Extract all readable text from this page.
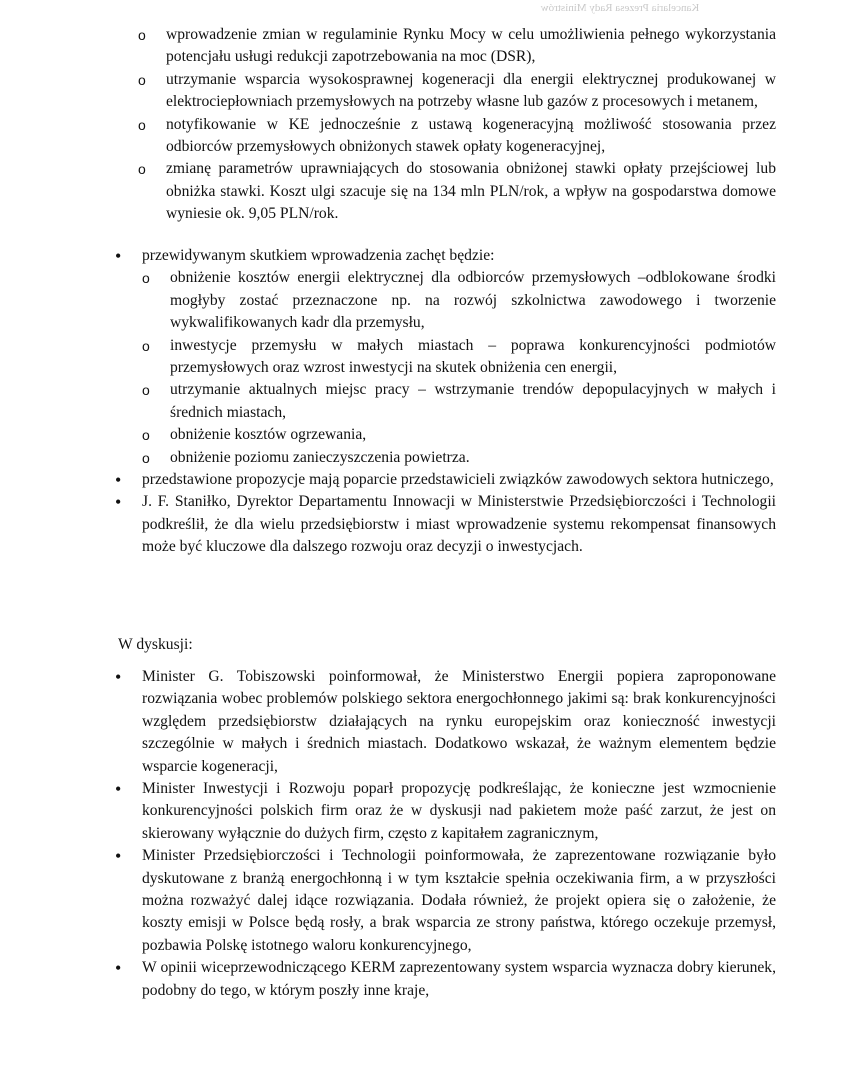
Kancelaria Prezesa Rady Ministrów
o wprowadzenie zmian w regulaminie Rynku Mocy w celu umożliwienia pełnego wykorzystania potencjału usługi redukcji zapotrzebowania na moc (DSR),
o utrzymanie wsparcia wysokosprawnej kogeneracji dla energii elektrycznej produkowanej w elektrociepłowniach przemysłowych na potrzeby własne lub gazów z procesowych i metanem,
o notyfikowanie w KE jednocześnie z ustawą kogeneracyjną możliwość stosowania przez odbiorców przemysłowych obniżonych stawek opłaty kogeneracyjnej,
o zmianę parametrów uprawniających do stosowania obniżonej stawki opłaty przejściowej lub obniżka stawki. Koszt ulgi szacuje się na 134 mln PLN/rok, a wpływ na gospodarstwa domowe wyniesie ok. 9,05 PLN/rok.

• przewidywanym skutkiem wprowadzenia zachęt będzie:

o obniżenie kosztów energii elektrycznej dla odbiorców przemysłowych –odblokowane środki mogłyby zostać przeznaczone np. na rozwój szkolnictwa zawodowego i tworzenie wykwalifikowanych kadr dla przemysłu,
o inwestycje przemysłu w małych miastach – poprawa konkurencyjności podmiotów przemysłowych oraz wzrost inwestycji na skutek obniżenia cen energii,
o utrzymanie aktualnych miejsc pracy – wstrzymanie trendów depopulacyjnych w małych i średnich miastach,
o obniżenie kosztów ogrzewania,
o obniżenie poziomu zanieczyszczenia powietrza.
• przedstawione propozycje mają poparcie przedstawicieli związków zawodowych sektora hutniczego,
• J. F. Staniłko, Dyrektor Departamentu Innowacji w Ministerstwie Przedsiębiorczości i Technologii podkreślił, że dla wielu przedsiębiorstw i miast wprowadzenie systemu rekompensat finansowych może być kluczowe dla dalszego rozwoju oraz decyzji o inwestycjach.
W dyskusji:
• Minister G. Tobiszowski poinformował, że Ministerstwo Energii popiera zaproponowane rozwiązania wobec problemów polskiego sektora energochłonnego jakimi są: brak konkurencyjności względem przedsiębiorstw działających na rynku europejskim oraz konieczność inwestycji szczególnie w małych i średnich miastach. Dodatkowo wskazał, że ważnym elementem będzie wsparcie kogeneracji,
• Minister Inwestycji i Rozwoju poparł propozycję podkreślając, że konieczne jest wzmocnienie konkurencyjności polskich firm oraz że w dyskusji nad pakietem może paść zarzut, że jest on skierowany wyłącznie do dużych firm, często z kapitałem zagranicznym,
• Minister Przedsiębiorczości i Technologii poinformowała, że zaprezentowane rozwiązanie było dyskutowane z branżą energochłonną i w tym kształcie spełnia oczekiwania firm, a w przyszłości można rozważyć dalej idące rozwiązania. Dodała również, że projekt opiera się o założenie, że koszty emisji w Polsce będą rosły, a brak wsparcia ze strony państwa, którego oczekuje przemysł, pozbawia Polskę istotnego waloru konkurencyjnego,
• W opinii wiceprzewodniczącego KERM zaprezentowany system wsparcia wyznacza dobry kierunek, podobny do tego, w którym poszły inne kraje,
